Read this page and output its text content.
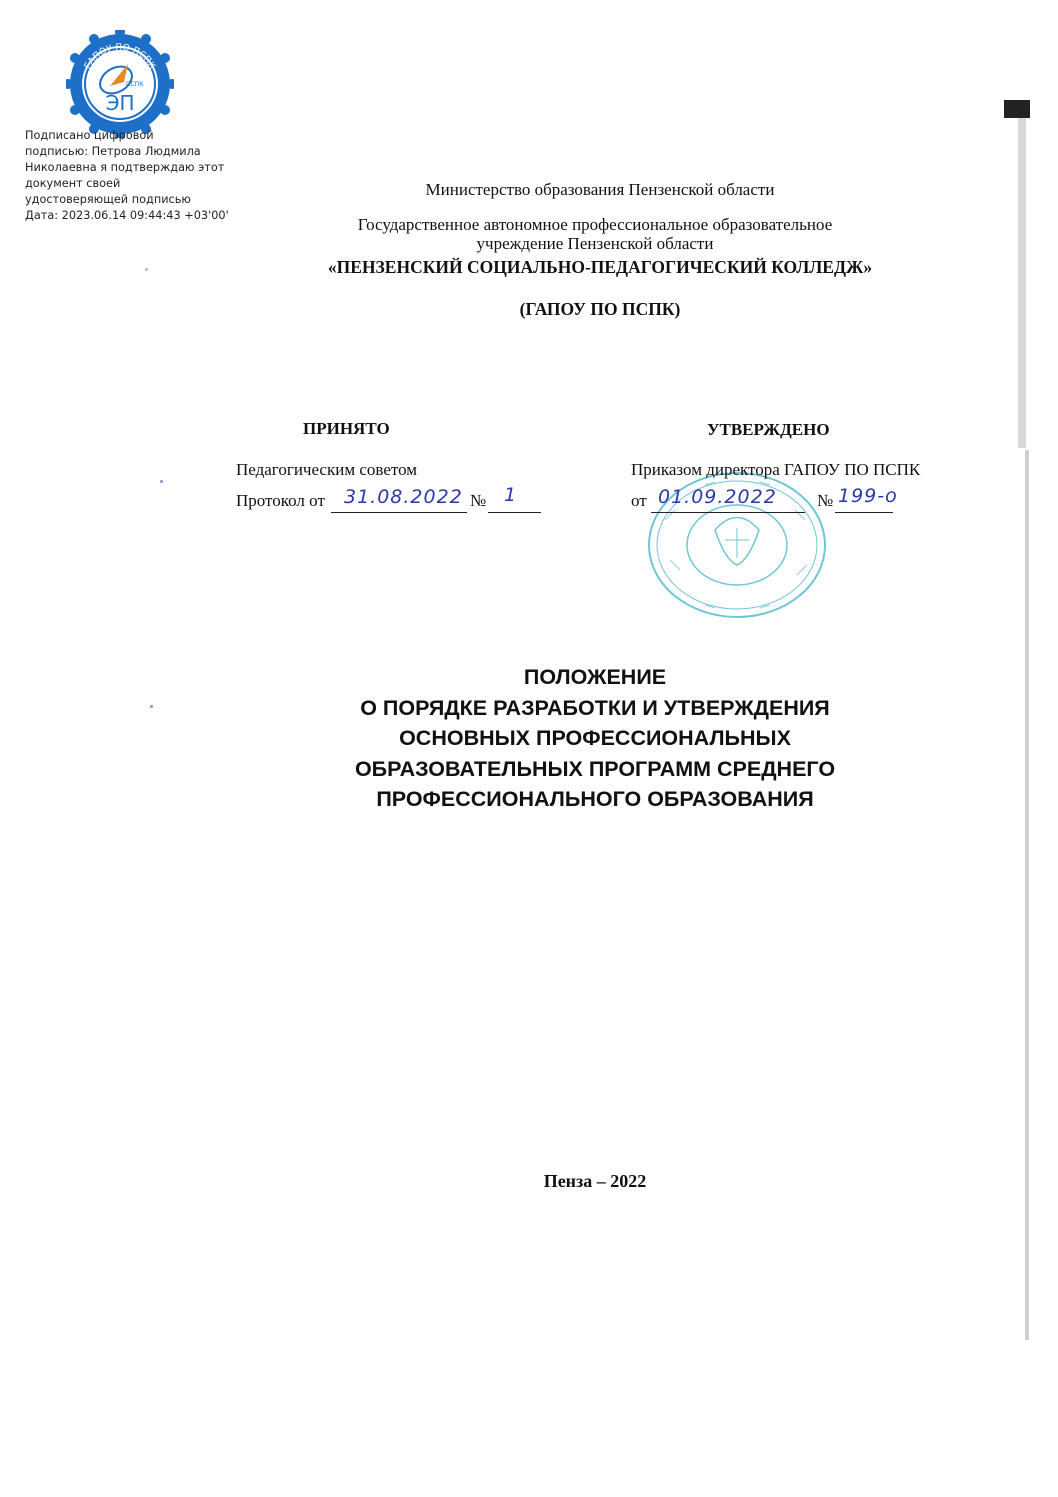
ГАПОУ ПО ПСПК
ПСПК
ЭП
Подписано цифровой
подписью: Петрова Людмила
Николаевна я подтверждаю этот
документ своей
удостоверяющей подписью
Дата: 2023.06.14 09:44:43 +03'00'
Министерство образования Пензенской области
Государственное автономное профессиональное образовательное
учреждение Пензенской области
«ПЕНЗЕНСКИЙ СОЦИАЛЬНО-ПЕДАГОГИЧЕСКИЙ КОЛЛЕДЖ»
(ГАПОУ ПО ПСПК)
ПРИНЯТО
Педагогическим советом
Протокол от 31.08.2022 № 1
УТВЕРЖДЕНО
Приказом директора ГАПОУ ПО ПСПК
от 01.09.2022 № 199-о
ПОЛОЖЕНИЕ
О ПОРЯДКЕ РАЗРАБОТКИ И УТВЕРЖДЕНИЯ
ОСНОВНЫХ ПРОФЕССИОНАЛЬНЫХ
ОБРАЗОВАТЕЛЬНЫХ ПРОГРАММ СРЕДНЕГО
ПРОФЕССИОНАЛЬНОГО ОБРАЗОВАНИЯ
Пенза – 2022
